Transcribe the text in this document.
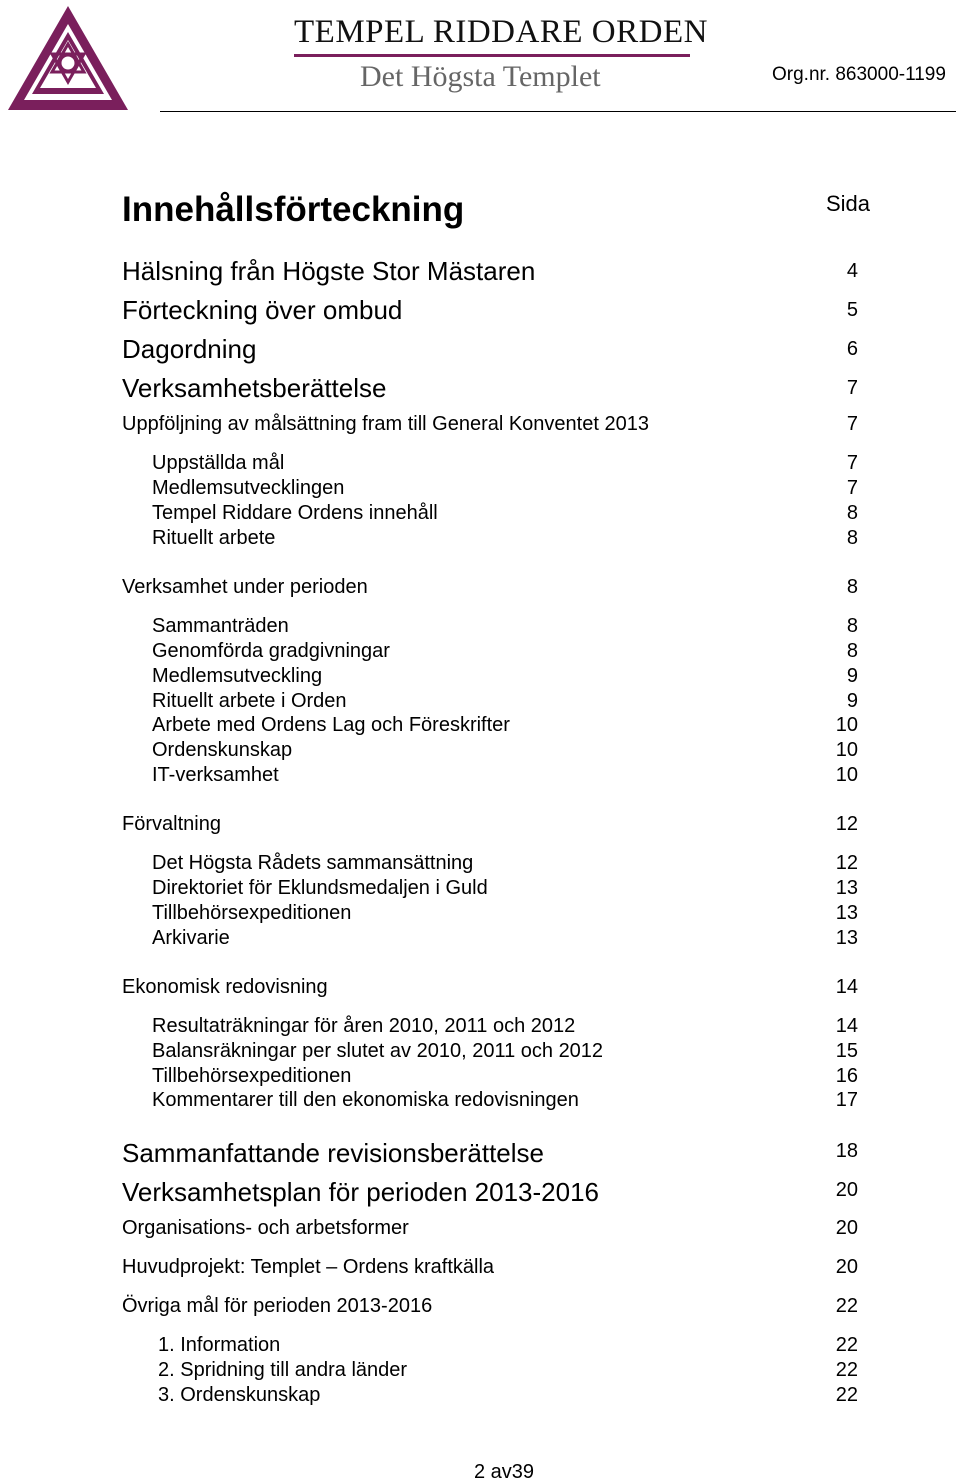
TEMPEL RIDDARE ORDEN
Det Högsta Templet	Org.nr. 863000-1199
Innehållsförteckning	Sida
Hälsning från Högste Stor Mästaren	4
Förteckning över ombud	5
Dagordning	6
Verksamhetsberättelse	7
Uppföljning av målsättning fram till General Konventet 2013	7
Uppställda mål	7
Medlemsutvecklingen	7
Tempel Riddare Ordens innehåll	8
Rituellt arbete	8
Verksamhet under perioden	8
Sammanträden	8
Genomförda gradgivningar	8
Medlemsutveckling	9
Rituellt arbete i Orden	9
Arbete med Ordens Lag och Föreskrifter	10
Ordenskunskap	10
IT-verksamhet	10
Förvaltning	12
Det Högsta Rådets sammansättning	12
Direktoriet för Eklundsmedaljen i Guld	13
Tillbehörsexpeditionen	13
Arkivarie	13
Ekonomisk redovisning	14
Resultaträkningar för åren 2010, 2011 och 2012	14
Balansräkningar per slutet av 2010, 2011 och 2012	15
Tillbehörsexpeditionen	16
Kommentarer till den ekonomiska redovisningen	17
Sammanfattande revisionsberättelse	18
Verksamhetsplan för perioden 2013-2016	20
Organisations- och arbetsformer	20
Huvudprojekt: Templet – Ordens kraftkälla	20
Övriga mål för perioden 2013-2016	22
1. Information	22
2. Spridning till andra länder	22
3. Ordenskunskap	22
2 av39
